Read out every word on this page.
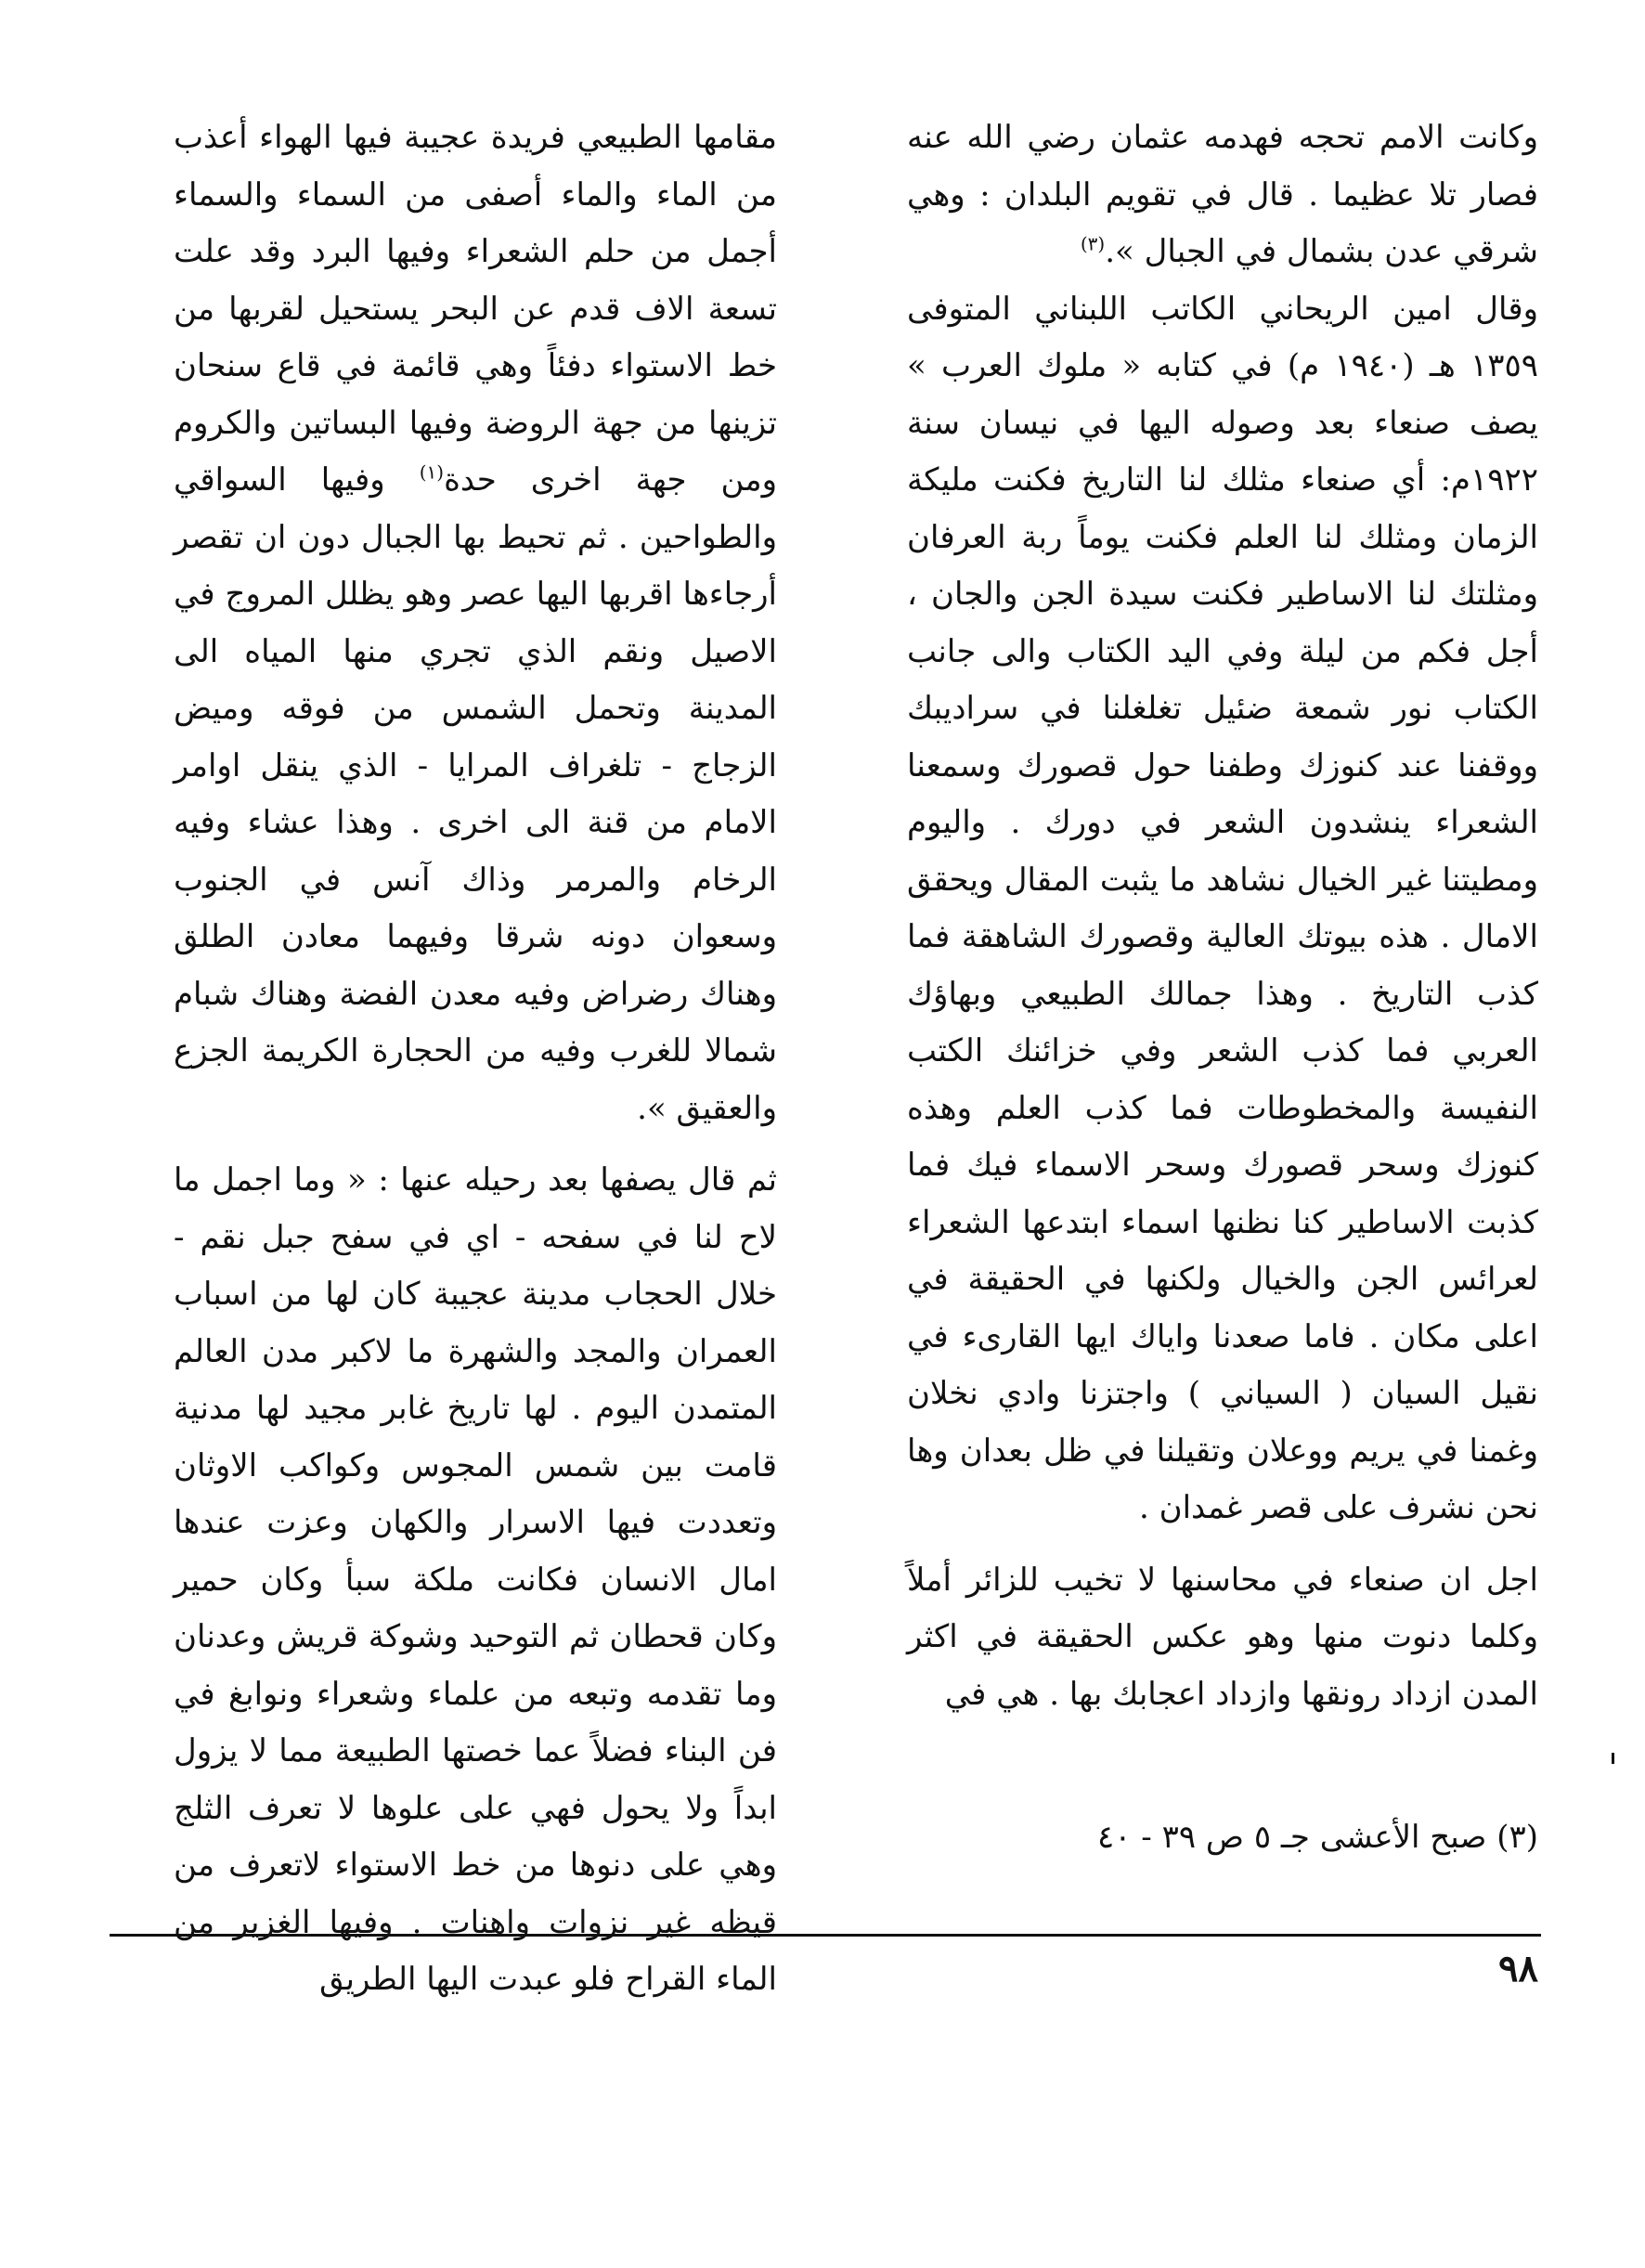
وكانت الامم تحجه فهدمه عثمان رضي الله عنه فصار تلا عظيما . قال في تقويم البلدان : وهي شرقي عدن بشمال في الجبال ».$^{(٣)}$

وقال امين الريحاني الكاتب اللبناني المتوفى ١٣٥٩ هـ (١٩٤٠ م) في كتابه « ملوك العرب » يصف صنعاء بعد وصوله اليها في نيسان سنة ١٩٢٢م: أي صنعاء مثلك لنا التاريخ فكنت مليكة الزمان ومثلك لنا العلم فكنت يوماً ربة العرفان ومثلتك لنا الاساطير فكنت سيدة الجن والجان ، أجل فكم من ليلة وفي اليد الكتاب والى جانب الكتاب نور شمعة ضئيل تغلغلنا في سراديبك ووقفنا عند كنوزك وطفنا حول قصورك وسمعنا الشعراء ينشدون الشعر في دورك . واليوم ومطيتنا غير الخيال نشاهد ما يثبت المقال ويحقق الامال . هذه بيوتك العالية وقصورك الشاهقة فما كذب التاريخ . وهذا جمالك الطبيعي وبهاؤك العربي فما كذب الشعر وفي خزائنك الكتب النفيسة والمخطوطات فما كذب العلم وهذه كنوزك وسحر قصورك وسحر الاسماء فيك فما كذبت الاساطير كنا نظنها اسماء ابتدعها الشعراء لعرائس الجن والخيال ولكنها في الحقيقة في اعلى مكان . فاما صعدنا واياك ايها القارىء في نقيل السيان ( السياني ) واجتزنا وادي نخلان وغمنا في يريم ووعلان وتقيلنا في ظل بعدان وها نحن نشرف على قصر غمدان .

اجل ان صنعاء في محاسنها لا تخيب للزائر أملاً وكلما دنوت منها وهو عكس الحقيقة في اكثر المدن ازداد رونقها وازداد اعجابك بها . هي في

مقامها الطبيعي فريدة عجيبة فيها الهواء أعذب من الماء والماء أصفى من السماء والسماء أجمل من حلم الشعراء وفيها البرد وقد علت تسعة الاف قدم عن البحر يستحيل لقربها من خط الاستواء دفئاً وهي قائمة في قاع سنحان تزينها من جهة الروضة وفيها البساتين والكروم ومن جهة اخرى حدة$^{(١)}$ وفيها السواقي والطواحين . ثم تحيط بها الجبال دون ان تقصر أرجاءها اقربها اليها عصر وهو يظلل المروج في الاصيل ونقم الذي تجري منها المياه الى المدينة وتحمل الشمس من فوقه وميض الزجاج - تلغراف المرايا - الذي ينقل اوامر الامام من قنة الى اخرى . وهذا عشاء وفيه الرخام والمرمر وذاك آنس في الجنوب وسعوان دونه شرقا وفيهما معادن الطلق وهناك رضراض وفيه معدن الفضة وهناك شبام شمالا للغرب وفيه من الحجارة الكريمة الجزع والعقيق ».

ثم قال يصفها بعد رحيله عنها : « وما اجمل ما لاح لنا في سفحه - اي في سفح جبل نقم - خلال الحجاب مدينة عجيبة كان لها من اسباب العمران والمجد والشهرة ما لاكبر مدن العالم المتمدن اليوم . لها تاريخ غابر مجيد لها مدنية قامت بين شمس المجوس وكواكب الاوثان وتعددت فيها الاسرار والكهان وعزت عندها امال الانسان فكانت ملكة سبأ وكان حمير وكان قحطان ثم التوحيد وشوكة قريش وعدنان وما تقدمه وتبعه من علماء وشعراء ونوابغ في فن البناء فضلاً عما خصتها الطبيعة مما لا يزول ابداً ولا يحول فهي على علوها لا تعرف الثلج وهي على دنوها من خط الاستواء لاتعرف من قيظه غير نزوات واهنات . وفيها الغزير من الماء القراح فلو عبدت اليها الطريق

(٣) صبح الأعشى جـ ٥ ص ٣٩ - ٤٠
٩٨
